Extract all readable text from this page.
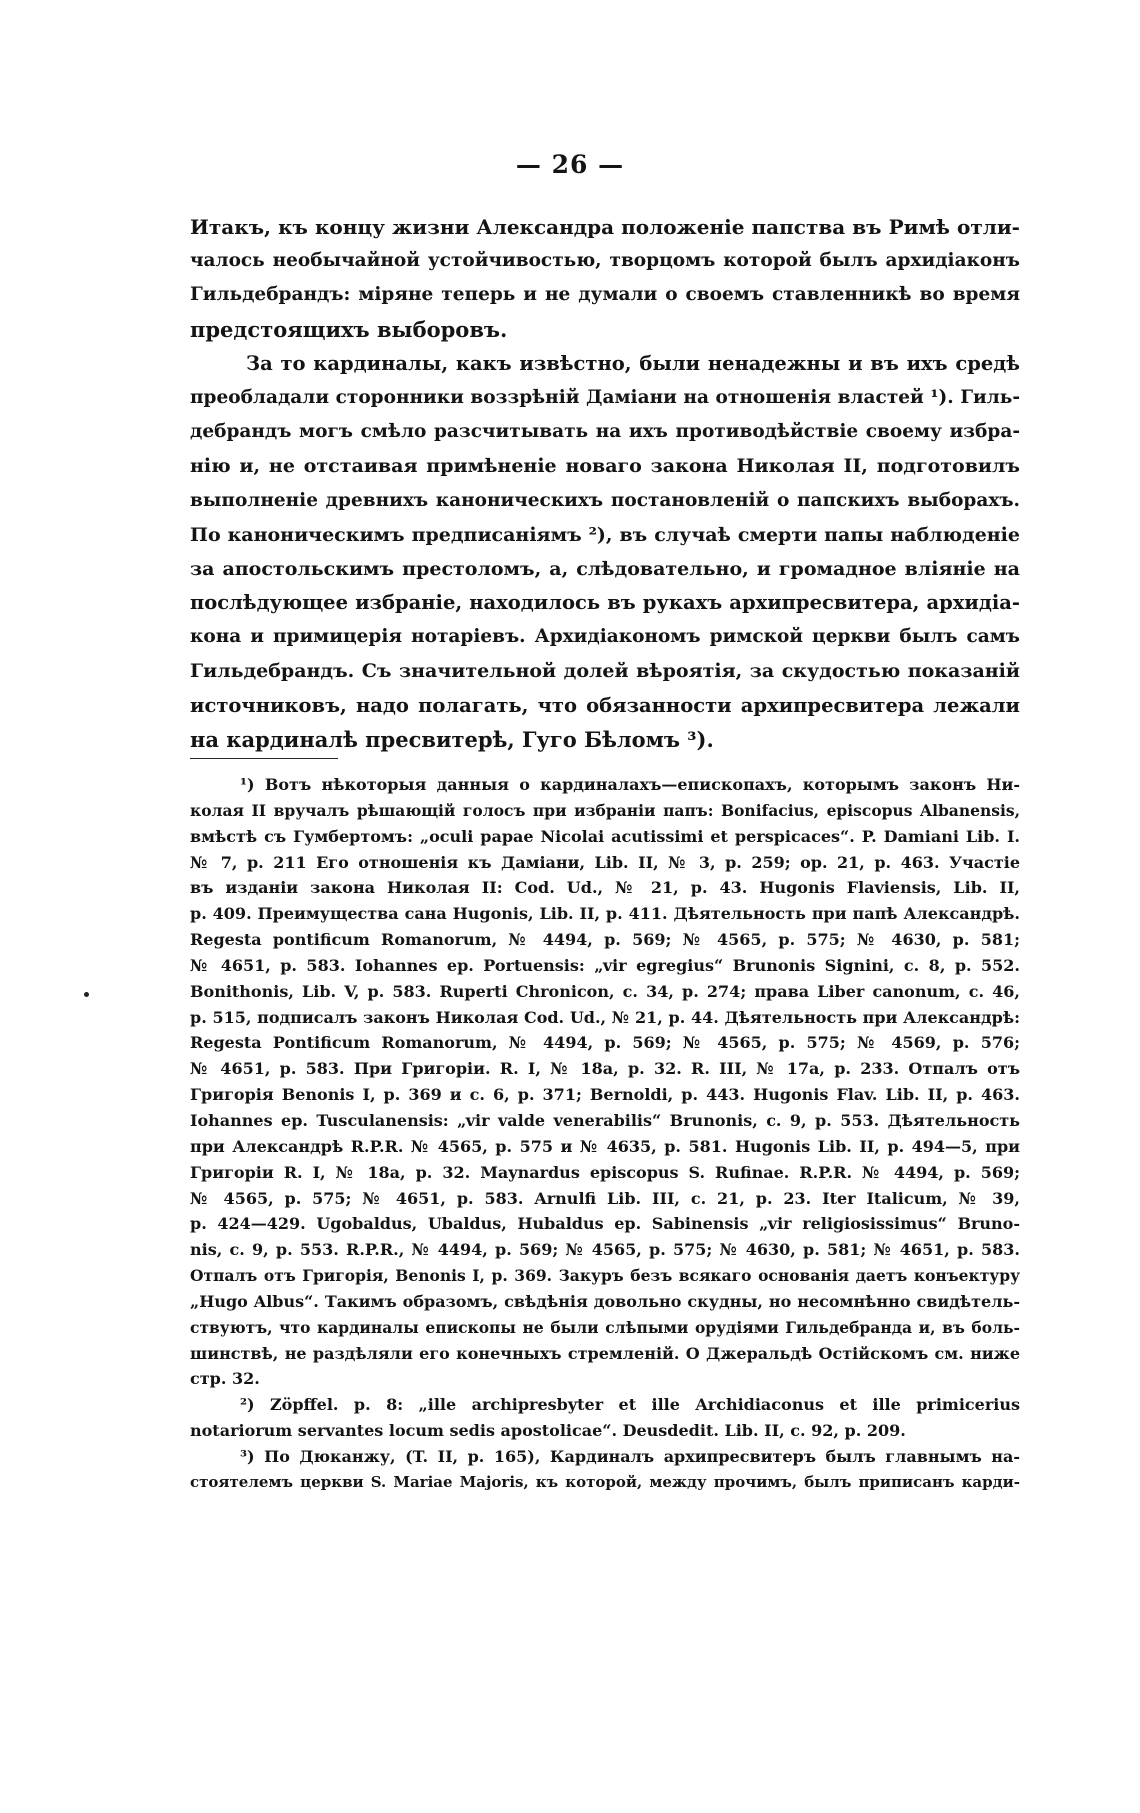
— 26 —
Итакъ, къ концу жизни Александра положеніе папства въ Римѣ отли-
чалось необычайной устойчивостью, творцомъ которой былъ архидіаконъ
Гильдебрандъ: міряне теперь и не думали о своемъ ставленникѣ во время
предстоящихъ выборовъ.
За то кардиналы, какъ извѣстно, были ненадежны и въ ихъ средѣ
преобладали сторонники воззрѣній Даміани на отношенія властей ¹). Гиль-
дебрандъ могъ смѣло разсчитывать на ихъ противодѣйствіе своему избра-
нію и, не отстаивая примѣненіе новаго закона Николая II, подготовилъ
выполненіе древнихъ каноническихъ постановленій о папскихъ выборахъ.
По каноническимъ предписаніямъ ²), въ случаѣ смерти папы наблюденіе
за апостольскимъ престоломъ, а, слѣдовательно, и громадное вліяніе на
послѣдующее избраніе, находилось въ рукахъ архипресвитера, архидіа-
кона и примицерія нотаріевъ. Архидіакономъ римской церкви былъ самъ
Гильдебрандъ. Съ значительной долей вѣроятія, за скудостью показаній
источниковъ, надо полагать, что обязанности архипресвитера лежали
на кардиналѣ пресвитерѣ, Гуго Бѣломъ ³).
¹) Вотъ нѣкоторыя данныя о кардиналахъ—епископахъ, которымъ законъ Ни-
колая II вручалъ рѣшающій голосъ при избраніи папъ: Bonifacius, episcopus Albanensis,
вмѣстѣ съ Гумбертомъ: „oculi papae Nicolai acutissimi et perspicaces“. P. Damiani Lib. I.
№ 7, p. 211 Его отношенія къ Даміани, Lib. II, № 3, p. 259; op. 21, p. 463. Участіе
въ изданіи закона Николая II: Cod. Ud., № 21, p. 43. Hugonis Flaviensis, Lib. II,
p. 409. Преимущества сана Hugonis, Lib. II, p. 411. Дѣятельность при папѣ Александрѣ.
Regesta pontificum Romanorum, № 4494, p. 569; № 4565, p. 575; № 4630, p. 581;
№ 4651, p. 583. Iohannes ep. Portuensis: „vir egregius“ Brunonis Signini, c. 8, p. 552.
Bonithonis, Lib. V, p. 583. Ruperti Chronicon, c. 34, p. 274; права Liber canonum, c. 46,
p. 515, подписалъ законъ Николая Cod. Ud., № 21, p. 44. Дѣятельность при Александрѣ:
Regesta Pontificum Romanorum, № 4494, p. 569; № 4565, p. 575; № 4569, p. 576;
№ 4651, p. 583. При Григоріи. R. I, № 18a, p. 32. R. III, № 17a, p. 233. Отпалъ отъ
Григорія Benonis I, p. 369 и c. 6, p. 371; Bernoldi, p. 443. Hugonis Flav. Lib. II, p. 463.
Iohannes ep. Tusculanensis: „vir valde venerabilis“ Brunonis, c. 9, p. 553. Дѣятельность
при Александрѣ R.P.R. № 4565, p. 575 и № 4635, p. 581. Hugonis Lib. II, p. 494—5, при
Григоріи R. I, № 18a, p. 32. Maynardus episcopus S. Rufinae. R.P.R. № 4494, p. 569;
№ 4565, p. 575; № 4651, p. 583. Arnulfi Lib. III, c. 21, p. 23. Iter Italicum, № 39,
p. 424—429. Ugobaldus, Ubaldus, Hubaldus ep. Sabinensis „vir religiosissimus“ Bruno-
nis, c. 9, p. 553. R.P.R., № 4494, p. 569; № 4565, p. 575; № 4630, p. 581; № 4651, p. 583.
Отпалъ отъ Григорія, Benonis I, p. 369. Закуръ безъ всякаго основанія даетъ конъектуру
„Hugo Albus“. Такимъ образомъ, свѣдѣнія довольно скудны, но несомнѣнно свидѣтель-
ствуютъ, что кардиналы епископы не были слѣпыми орудіями Гильдебранда и, въ боль-
шинствѣ, не раздѣляли его конечныхъ стремленій. О Джеральдѣ Остійскомъ см. ниже
стр. 32.
²) Zöpffel. p. 8: „ille archipresbyter et ille Archidiaconus et ille primicerius
notariorum servantes locum sedis apostolicae“. Deusdedit. Lib. II, c. 92, p. 209.
³) По Дюканжу, (T. II, p. 165), Кардиналъ архипресвитеръ былъ главнымъ на-
стоятелемъ церкви S. Mariae Majoris, къ которой, между прочимъ, былъ приписанъ карди-
